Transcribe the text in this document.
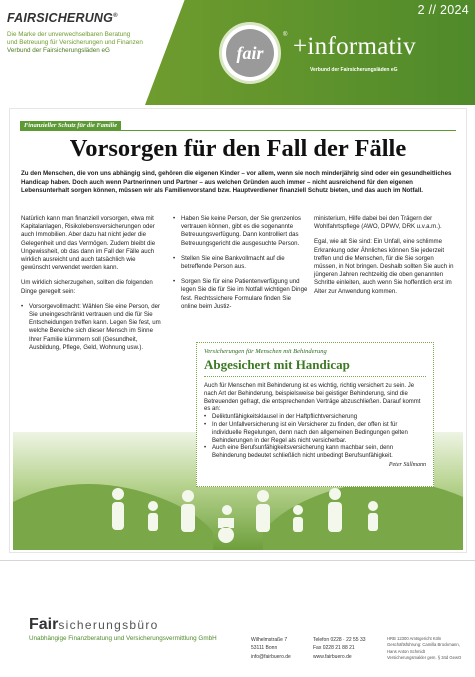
FAIRSICHERUNG®
Die Marke der unverwechselbaren Beratung
und Betreuung für Versicherungen und Finanzen
Verbund der Fairsicherungsläden eG
2 // 2024
fair
® +informativ
Verbund der Fairsicherungsläden eG
Finanzieller Schutz für die Familie
Vorsorgen für den Fall der Fälle
Zu den Menschen, die von uns abhängig sind, gehören die eigenen Kinder – vor allem, wenn sie noch minderjährig sind oder ein gesundheitliches Handicap haben. Doch auch wenn Partnerinnen und Partner – aus welchen Gründen auch immer – nicht ausreichend für den eigenen Lebensunterhalt sorgen können, müssen wir als Familienvorstand bzw. Hauptverdiener finanziell Schutz bieten, und das auch im Notfall.

Natürlich kann man finanziell vorsorgen, etwa mit Kapitalanlagen, Risikolebensversicherungen oder auch Immobilien. Aber dazu hat nicht jeder die Gelegenheit und das Vermögen. Zudem bleibt die Ungewissheit, ob das dann im Fall der Fälle auch wirklich ausreicht und auch tatsächlich wie gewünscht verwendet werden kann.

Um wirklich sicherzugehen, sollten die folgenden Dinge geregelt sein:

• Vorsorgevollmacht: Wählen Sie eine Person, der Sie uneingeschränkt vertrauen und die für Sie Entscheidungen treffen kann. Legen Sie fest, um welche Bereiche sich dieser Mensch im Sinne Ihrer Familie kümmern soll (Gesundheit, Ausbildung, Pflege, Geld, Wohnung usw.).

• Haben Sie keine Person, der Sie grenzenlos vertrauen können, gibt es die sogenannte Betreuungsverfügung. Dann kontrolliert das Betreuungsgericht die ausgesuchte Person.

• Stellen Sie eine Bankvollmacht auf die betreffende Person aus.

• Sorgen Sie für eine Patientenverfügung und legen Sie die für Sie im Notfall wichtigen Dinge fest. Rechtssichere Formulare finden Sie online beim Justiz-

ministerium, Hilfe dabei bei den Trägern der Wohlfahrtspflege (AWO, DPWV, DRK u.v.a.m.).

Egal, wie alt Sie sind: Ein Unfall, eine schlimme Erkrankung oder Ähnliches können Sie jederzeit treffen und die Menschen, für die Sie sorgen müssen, in Not bringen. Deshalb sollten Sie auch in jüngeren Jahren rechtzeitig die oben genannten Schritte einleiten, auch wenn Sie hoffentlich erst im Alter zur Anwendung kommen.

Versicherungen für Menschen mit Behinderung
Abgesichert mit Handicap
Auch für Menschen mit Behinderung ist es wichtig, richtig versichert zu sein. Je nach Art der Behinderung, beispielsweise bei geistiger Behinderung, sind die Betreuenden gefragt, die entsprechenden Verträge abzuschließen. Darauf kommt es an:
• Deliktunfähigkeitsklausel in der Haftpflichtversicherung
• In der Unfallversicherung ist ein Versicherer zu finden, der offen ist für individuelle Regelungen, denn nach den allgemeinen Bedingungen gelten Behinderungen in der Regel als nicht versicherbar.
• Auch eine Berufsunfähigkeitsversicherung kann machbar sein, denn Behinderung bedeutet schließlich nicht unbedingt Berufsunfähigkeit.
Peter Süllmann
Fairsicherungsbüro
Unabhängige Finanzberatung und Versicherungsvermittlung GmbH	Wilhelmstraße 7
53111 Bonn
info@fairbuero.de
Telefon 0228 · 22 55 33
Fax 0228 21 88 21
www.fairbuero.de
HRB 12300 Amtsgericht Köln
Geschäftsführung: Camilla Brockmann,
Hans Anton Schmidt
Versicherungsmakler gem. § 34d GewO
